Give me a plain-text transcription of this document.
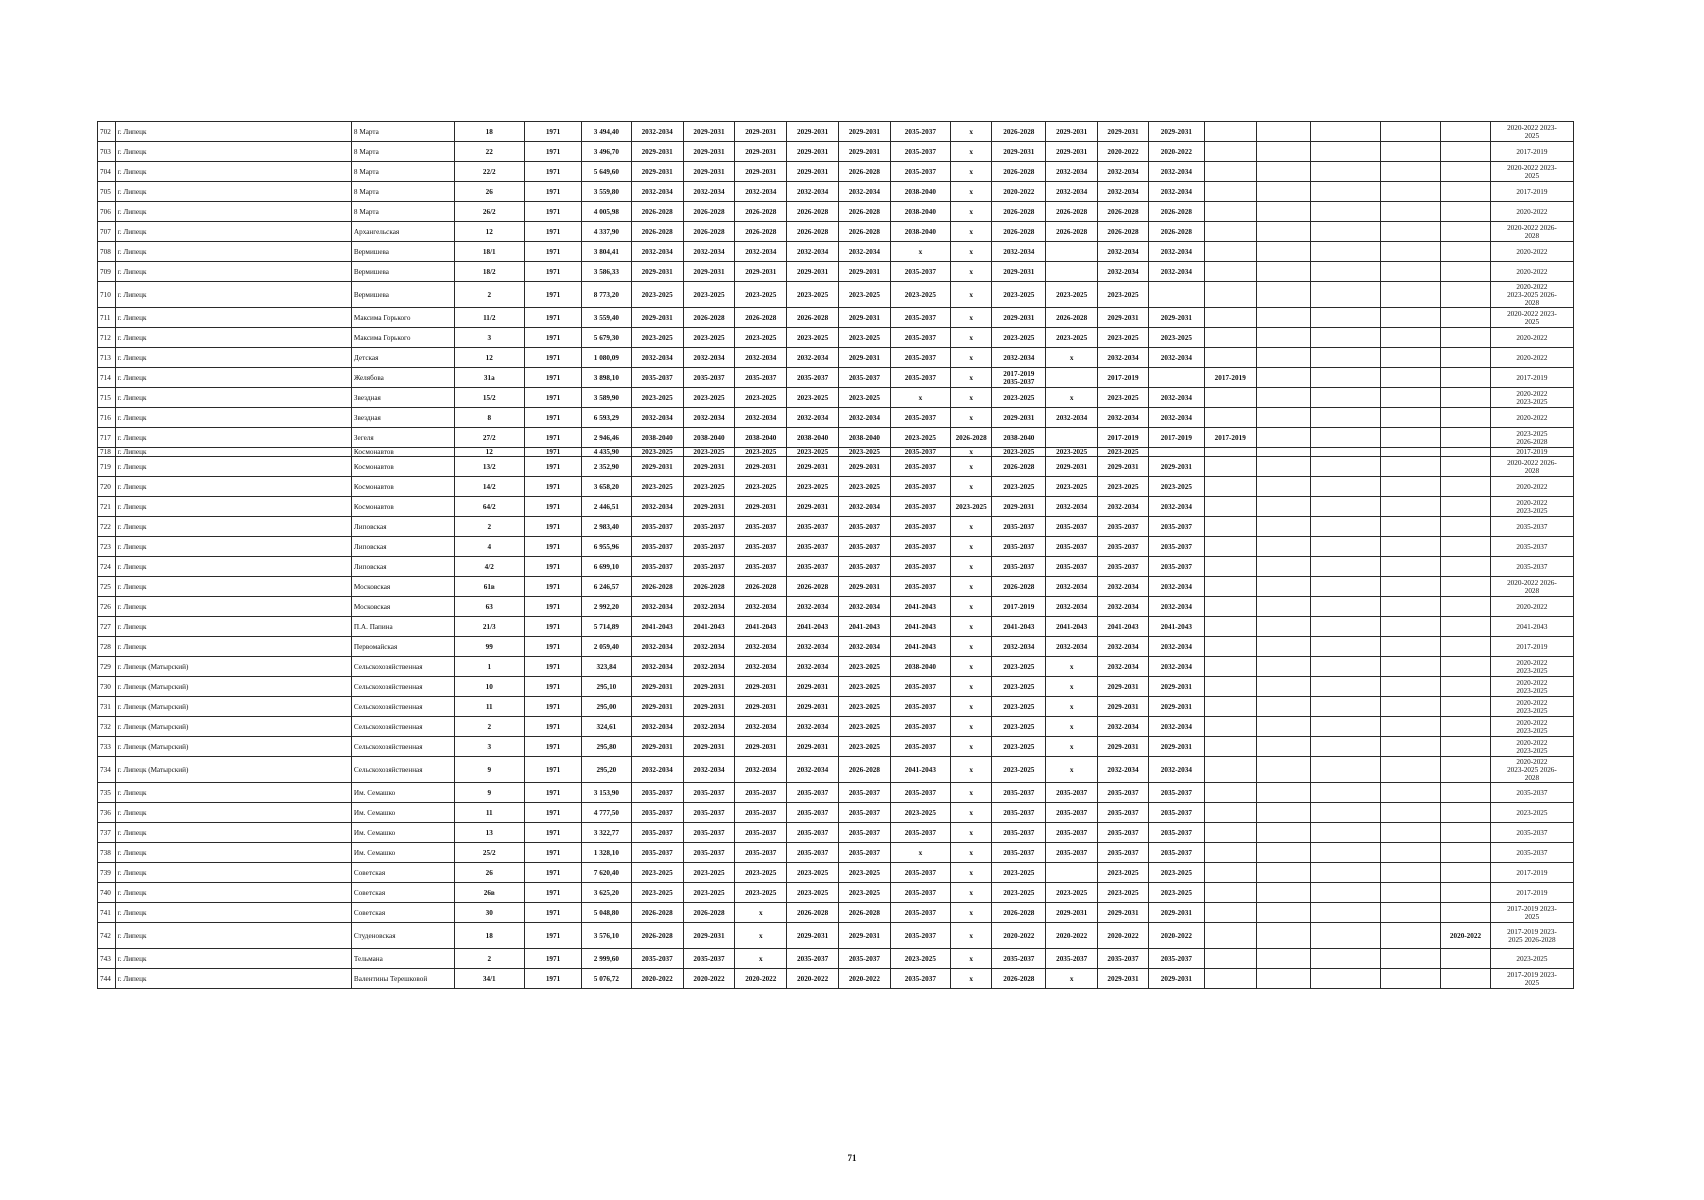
702	г. Липецк	8 Марта	18	1971	3 494,40	2032-2034	2029-2031	2029-2031	2029-2031	2029-2031	2035-2037	x	2026-2028	2029-2031	2029-2031	2029-2031						2020-2022 2023-
2025
703	г. Липецк	8 Марта	22	1971	3 496,70	2029-2031	2029-2031	2029-2031	2029-2031	2029-2031	2035-2037	x	2029-2031	2029-2031	2020-2022	2020-2022						2017-2019
704	г. Липецк	8 Марта	22/2	1971	5 649,60	2029-2031	2029-2031	2029-2031	2029-2031	2026-2028	2035-2037	x	2026-2028	2032-2034	2032-2034	2032-2034						2020-2022 2023-
2025
705	г. Липецк	8 Марта	26	1971	3 559,80	2032-2034	2032-2034	2032-2034	2032-2034	2032-2034	2038-2040	x	2020-2022	2032-2034	2032-2034	2032-2034						2017-2019
706	г. Липецк	8 Марта	26/2	1971	4 005,98	2026-2028	2026-2028	2026-2028	2026-2028	2026-2028	2038-2040	x	2026-2028	2026-2028	2026-2028	2026-2028						2020-2022
707	г. Липецк	Архангельская	12	1971	4 337,90	2026-2028	2026-2028	2026-2028	2026-2028	2026-2028	2038-2040	x	2026-2028	2026-2028	2026-2028	2026-2028						2020-2022 2026-
2028
708	г. Липецк	Вермишева	18/1	1971	3 804,41	2032-2034	2032-2034	2032-2034	2032-2034	2032-2034	x	x	2032-2034		2032-2034	2032-2034						2020-2022
709	г. Липецк	Вермишева	18/2	1971	3 586,33	2029-2031	2029-2031	2029-2031	2029-2031	2029-2031	2035-2037	x	2029-2031		2032-2034	2032-2034						2020-2022
710	г. Липецк	Вермишева	2	1971	8 773,20	2023-2025	2023-2025	2023-2025	2023-2025	2023-2025	2023-2025	x	2023-2025	2023-2025	2023-2025							2020-2022
2023-2025 2026-
2028
711	г. Липецк	Максима Горького	11/2	1971	3 559,40	2029-2031	2026-2028	2026-2028	2026-2028	2029-2031	2035-2037	x	2029-2031	2026-2028	2029-2031	2029-2031						2020-2022 2023-
2025
712	г. Липецк	Максима Горького	3	1971	5 679,30	2023-2025	2023-2025	2023-2025	2023-2025	2023-2025	2035-2037	x	2023-2025	2023-2025	2023-2025	2023-2025						2020-2022
713	г. Липецк	Детская	12	1971	1 080,09	2032-2034	2032-2034	2032-2034	2032-2034	2029-2031	2035-2037	x	2032-2034	x	2032-2034	2032-2034						2020-2022
714	г. Липецк	Желябова	31а	1971	3 898,10	2035-2037	2035-2037	2035-2037	2035-2037	2035-2037	2035-2037	x	2017-2019
2035-2037		2017-2019		2017-2019					2017-2019
715	г. Липецк	Звездная	15/2	1971	3 589,90	2023-2025	2023-2025	2023-2025	2023-2025	2023-2025	x	x	2023-2025	x	2023-2025	2032-2034						2020-2022
2023-2025
716	г. Липецк	Звездная	8	1971	6 593,29	2032-2034	2032-2034	2032-2034	2032-2034	2032-2034	2035-2037	x	2029-2031	2032-2034	2032-2034	2032-2034						2020-2022
717	г. Липецк	Зегеля	27/2	1971	2 946,46	2038-2040	2038-2040	2038-2040	2038-2040	2038-2040	2023-2025	2026-2028	2038-2040		2017-2019	2017-2019	2017-2019					2023-2025
2026-2028
718	г. Липецк	Космонавтов	12	1971	4 435,90	2023-2025	2023-2025	2023-2025	2023-2025	2023-2025	2035-2037	x	2023-2025	2023-2025	2023-2025							2017-2019
719	г. Липецк	Космонавтов	13/2	1971	2 352,90	2029-2031	2029-2031	2029-2031	2029-2031	2029-2031	2035-2037	x	2026-2028	2029-2031	2029-2031	2029-2031						2020-2022 2026-
2028
720	г. Липецк	Космонавтов	14/2	1971	3 658,20	2023-2025	2023-2025	2023-2025	2023-2025	2023-2025	2035-2037	x	2023-2025	2023-2025	2023-2025	2023-2025						2020-2022
721	г. Липецк	Космонавтов	64/2	1971	2 446,51	2032-2034	2029-2031	2029-2031	2029-2031	2032-2034	2035-2037	2023-2025	2029-2031	2032-2034	2032-2034	2032-2034						2020-2022
2023-2025
722	г. Липецк	Липовская	2	1971	2 983,40	2035-2037	2035-2037	2035-2037	2035-2037	2035-2037	2035-2037	x	2035-2037	2035-2037	2035-2037	2035-2037						2035-2037
723	г. Липецк	Липовская	4	1971	6 955,96	2035-2037	2035-2037	2035-2037	2035-2037	2035-2037	2035-2037	x	2035-2037	2035-2037	2035-2037	2035-2037						2035-2037
724	г. Липецк	Липовская	4/2	1971	6 699,10	2035-2037	2035-2037	2035-2037	2035-2037	2035-2037	2035-2037	x	2035-2037	2035-2037	2035-2037	2035-2037						2035-2037
725	г. Липецк	Московская	61в	1971	6 246,57	2026-2028	2026-2028	2026-2028	2026-2028	2029-2031	2035-2037	x	2026-2028	2032-2034	2032-2034	2032-2034						2020-2022 2026-
2028
726	г. Липецк	Московская	63	1971	2 992,20	2032-2034	2032-2034	2032-2034	2032-2034	2032-2034	2041-2043	x	2017-2019	2032-2034	2032-2034	2032-2034						2020-2022
727	г. Липецк	П.А. Папина	21/3	1971	5 714,89	2041-2043	2041-2043	2041-2043	2041-2043	2041-2043	2041-2043	x	2041-2043	2041-2043	2041-2043	2041-2043						2041-2043
728	г. Липецк	Первомайская	99	1971	2 059,40	2032-2034	2032-2034	2032-2034	2032-2034	2032-2034	2041-2043	x	2032-2034	2032-2034	2032-2034	2032-2034						2017-2019
729	г. Липецк (Матырский)	Сельскохозяйственная	1	1971	323,84	2032-2034	2032-2034	2032-2034	2032-2034	2023-2025	2038-2040	x	2023-2025	x	2032-2034	2032-2034						2020-2022
2023-2025
730	г. Липецк (Матырский)	Сельскохозяйственная	10	1971	295,10	2029-2031	2029-2031	2029-2031	2029-2031	2023-2025	2035-2037	x	2023-2025	x	2029-2031	2029-2031						2020-2022
2023-2025
731	г. Липецк (Матырский)	Сельскохозяйственная	11	1971	295,00	2029-2031	2029-2031	2029-2031	2029-2031	2023-2025	2035-2037	x	2023-2025	x	2029-2031	2029-2031						2020-2022
2023-2025
732	г. Липецк (Матырский)	Сельскохозяйственная	2	1971	324,61	2032-2034	2032-2034	2032-2034	2032-2034	2023-2025	2035-2037	x	2023-2025	x	2032-2034	2032-2034						2020-2022
2023-2025
733	г. Липецк (Матырский)	Сельскохозяйственная	3	1971	295,80	2029-2031	2029-2031	2029-2031	2029-2031	2023-2025	2035-2037	x	2023-2025	x	2029-2031	2029-2031						2020-2022
2023-2025
734	г. Липецк (Матырский)	Сельскохозяйственная	9	1971	295,20	2032-2034	2032-2034	2032-2034	2032-2034	2026-2028	2041-2043	x	2023-2025	x	2032-2034	2032-2034						2020-2022
2023-2025 2026-
2028
735	г. Липецк	Им. Семашко	9	1971	3 153,90	2035-2037	2035-2037	2035-2037	2035-2037	2035-2037	2035-2037	x	2035-2037	2035-2037	2035-2037	2035-2037						2035-2037
736	г. Липецк	Им. Семашко	11	1971	4 777,50	2035-2037	2035-2037	2035-2037	2035-2037	2035-2037	2023-2025	x	2035-2037	2035-2037	2035-2037	2035-2037						2023-2025
737	г. Липецк	Им. Семашко	13	1971	3 322,77	2035-2037	2035-2037	2035-2037	2035-2037	2035-2037	2035-2037	x	2035-2037	2035-2037	2035-2037	2035-2037						2035-2037
738	г. Липецк	Им. Семашко	25/2	1971	1 328,10	2035-2037	2035-2037	2035-2037	2035-2037	2035-2037	x	x	2035-2037	2035-2037	2035-2037	2035-2037						2035-2037
739	г. Липецк	Советская	26	1971	7 620,40	2023-2025	2023-2025	2023-2025	2023-2025	2023-2025	2035-2037	x	2023-2025		2023-2025	2023-2025						2017-2019
740	г. Липецк	Советская	26в	1971	3 625,20	2023-2025	2023-2025	2023-2025	2023-2025	2023-2025	2035-2037	x	2023-2025	2023-2025	2023-2025	2023-2025						2017-2019
741	г. Липецк	Советская	30	1971	5 048,80	2026-2028	2026-2028	x	2026-2028	2026-2028	2035-2037	x	2026-2028	2029-2031	2029-2031	2029-2031						2017-2019 2023-
2025
742	г. Липецк	Студеновская	18	1971	3 576,10	2026-2028	2029-2031	x	2029-2031	2029-2031	2035-2037	x	2020-2022	2020-2022	2020-2022	2020-2022					2020-2022	2017-2019 2023-
2025 2026-2028
743	г. Липецк	Тельмана	2	1971	2 999,60	2035-2037	2035-2037	x	2035-2037	2035-2037	2023-2025	x	2035-2037	2035-2037	2035-2037	2035-2037						2023-2025
744	г. Липецк	Валентины Терешковой	34/1	1971	5 076,72	2020-2022	2020-2022	2020-2022	2020-2022	2020-2022	2035-2037	x	2026-2028	x	2029-2031	2029-2031						2017-2019 2023-
2025
71
